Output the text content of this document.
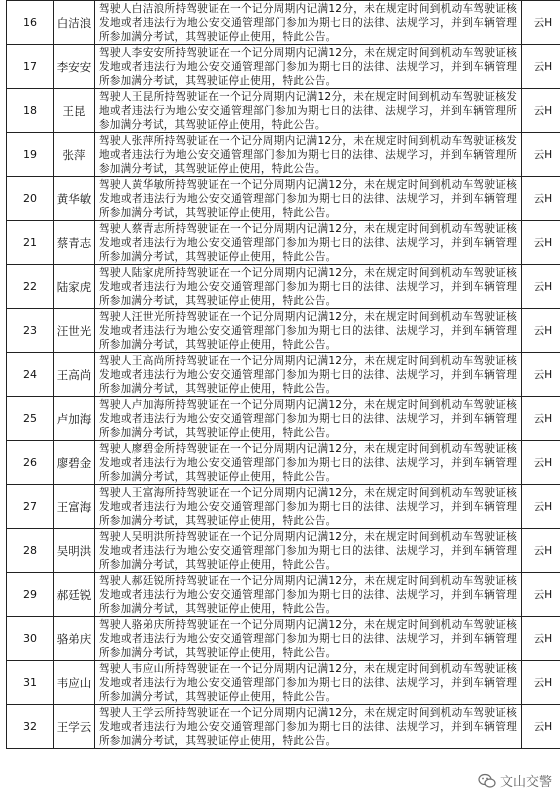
16	白洁浪	驾驶人白洁浪所持驾驶证在一个记分周期内记满12分，未在规定时间到机动车驾驶证核发地或者违法行为地公安交通管理部门参加为期七日的法律、法规学习，并到车辆管理所参加满分考试，其驾驶证停止使用，特此公告。	云H
17	李安安	驾驶人李安安所持驾驶证在一个记分周期内记满12分，未在规定时间到机动车驾驶证核发地或者违法行为地公安交通管理部门参加为期七日的法律、法规学习，并到车辆管理所参加满分考试，其驾驶证停止使用，特此公告。	云H
18	王昆	驾驶人王昆所持驾驶证在一个记分周期内记满12分，未在规定时间到机动车驾驶证核发地或者违法行为地公安交通管理部门参加为期七日的法律、法规学习，并到车辆管理所参加满分考试，其驾驶证停止使用，特此公告。	云H
19	张萍	驾驶人张萍所持驾驶证在一个记分周期内记满12分，未在规定时间到机动车驾驶证核发地或者违法行为地公安交通管理部门参加为期七日的法律、法规学习，并到车辆管理所参加满分考试，其驾驶证停止使用，特此公告。	云H
20	黄华敏	驾驶人黄华敏所持驾驶证在一个记分周期内记满12分，未在规定时间到机动车驾驶证核发地或者违法行为地公安交通管理部门参加为期七日的法律、法规学习，并到车辆管理所参加满分考试，其驾驶证停止使用，特此公告。	云H
21	蔡青志	驾驶人蔡青志所持驾驶证在一个记分周期内记满12分，未在规定时间到机动车驾驶证核发地或者违法行为地公安交通管理部门参加为期七日的法律、法规学习，并到车辆管理所参加满分考试，其驾驶证停止使用，特此公告。	云H
22	陆家虎	驾驶人陆家虎所持驾驶证在一个记分周期内记满12分，未在规定时间到机动车驾驶证核发地或者违法行为地公安交通管理部门参加为期七日的法律、法规学习，并到车辆管理所参加满分考试，其驾驶证停止使用，特此公告。	云H
23	汪世光	驾驶人汪世光所持驾驶证在一个记分周期内记满12分，未在规定时间到机动车驾驶证核发地或者违法行为地公安交通管理部门参加为期七日的法律、法规学习，并到车辆管理所参加满分考试，其驾驶证停止使用，特此公告。	云H
24	王高尚	驾驶人王高尚所持驾驶证在一个记分周期内记满12分，未在规定时间到机动车驾驶证核发地或者违法行为地公安交通管理部门参加为期七日的法律、法规学习，并到车辆管理所参加满分考试，其驾驶证停止使用，特此公告。	云H
25	卢加海	驾驶人卢加海所持驾驶证在一个记分周期内记满12分，未在规定时间到机动车驾驶证核发地或者违法行为地公安交通管理部门参加为期七日的法律、法规学习，并到车辆管理所参加满分考试，其驾驶证停止使用，特此公告。	云H
26	廖碧金	驾驶人廖碧金所持驾驶证在一个记分周期内记满12分，未在规定时间到机动车驾驶证核发地或者违法行为地公安交通管理部门参加为期七日的法律、法规学习，并到车辆管理所参加满分考试，其驾驶证停止使用，特此公告。	云H
27	王富海	驾驶人王富海所持驾驶证在一个记分周期内记满12分，未在规定时间到机动车驾驶证核发地或者违法行为地公安交通管理部门参加为期七日的法律、法规学习，并到车辆管理所参加满分考试，其驾驶证停止使用，特此公告。	云H
28	吴明洪	驾驶人吴明洪所持驾驶证在一个记分周期内记满12分，未在规定时间到机动车驾驶证核发地或者违法行为地公安交通管理部门参加为期七日的法律、法规学习，并到车辆管理所参加满分考试，其驾驶证停止使用，特此公告。	云H
29	郝廷锐	驾驶人郝廷锐所持驾驶证在一个记分周期内记满12分，未在规定时间到机动车驾驶证核发地或者违法行为地公安交通管理部门参加为期七日的法律、法规学习，并到车辆管理所参加满分考试，其驾驶证停止使用，特此公告。	云H
30	骆弟庆	驾驶人骆弟庆所持驾驶证在一个记分周期内记满12分，未在规定时间到机动车驾驶证核发地或者违法行为地公安交通管理部门参加为期七日的法律、法规学习，并到车辆管理所参加满分考试，其驾驶证停止使用，特此公告。	云H
31	韦应山	驾驶人韦应山所持驾驶证在一个记分周期内记满12分，未在规定时间到机动车驾驶证核发地或者违法行为地公安交通管理部门参加为期七日的法律、法规学习，并到车辆管理所参加满分考试，其驾驶证停止使用，特此公告。	云H
32	王学云	驾驶人王学云所持驾驶证在一个记分周期内记满12分，未在规定时间到机动车驾驶证核发地或者违法行为地公安交通管理部门参加为期七日的法律、法规学习，并到车辆管理所参加满分考试，其驾驶证停止使用，特此公告。	云H
文山交警
